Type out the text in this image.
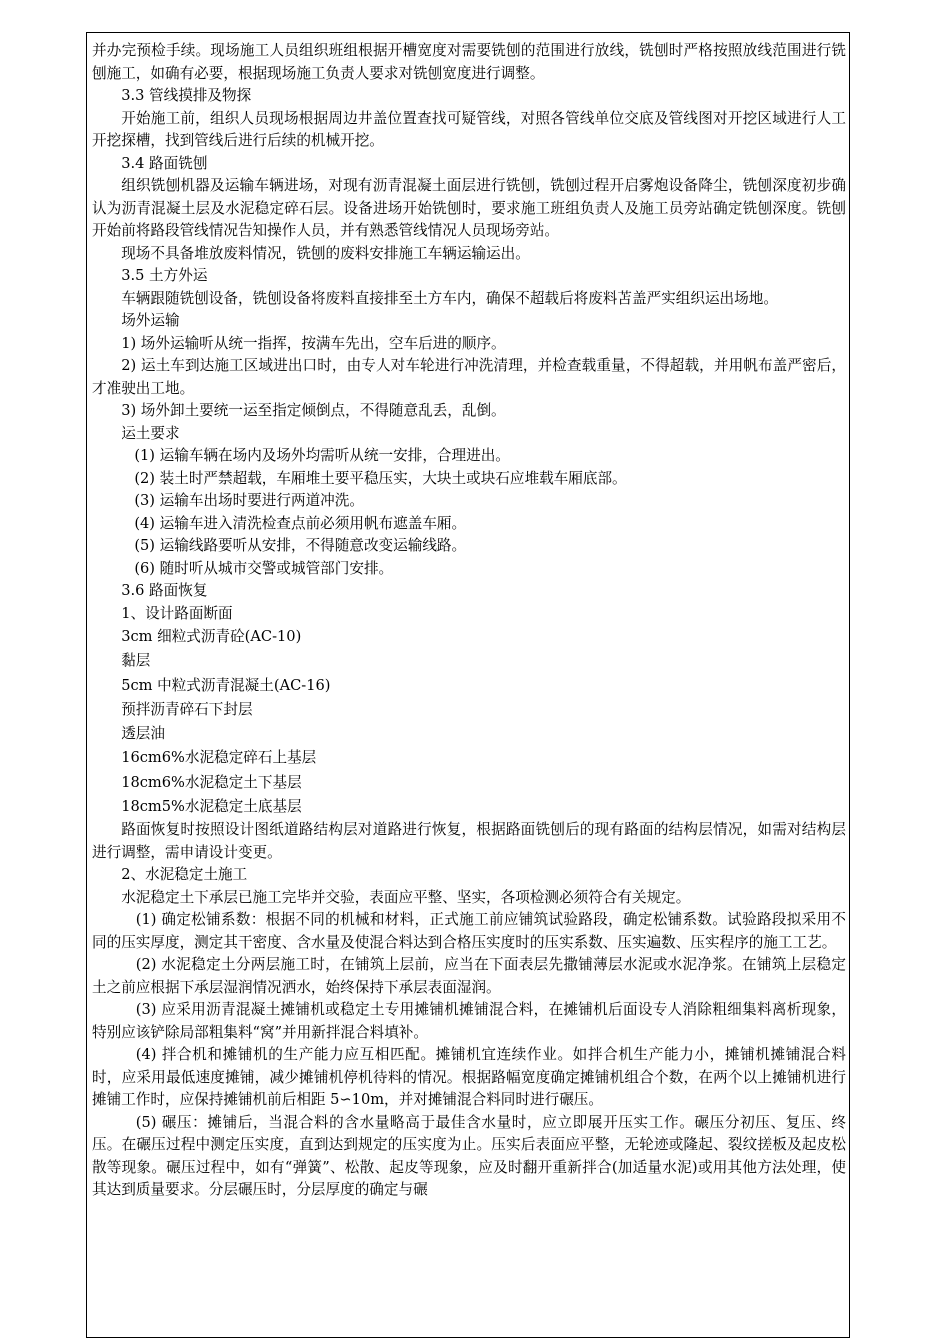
并办完预检手续。现场施工人员组织班组根据开槽宽度对需要铣刨的范围进行放线，铣刨时严格按照放线范围进行铣刨施工，如确有必要，根据现场施工负责人要求对铣刨宽度进行调整。

3.3 管线摸排及物探

开始施工前，组织人员现场根据周边井盖位置查找可疑管线，对照各管线单位交底及管线图对开挖区域进行人工开挖探槽，找到管线后进行后续的机械开挖。

3.4 路面铣刨

组织铣刨机器及运输车辆进场，对现有沥青混凝土面层进行铣刨，铣刨过程开启雾炮设备降尘，铣刨深度初步确认为沥青混凝土层及水泥稳定碎石层。设备进场开始铣刨时，要求施工班组负责人及施工员旁站确定铣刨深度。铣刨开始前将路段管线情况告知操作人员，并有熟悉管线情况人员现场旁站。

现场不具备堆放废料情况，铣刨的废料安排施工车辆运输运出。

3.5 土方外运

车辆跟随铣刨设备，铣刨设备将废料直接排至土方车内，确保不超载后将废料苫盖严实组织运出场地。

场外运输

1) 场外运输听从统一指挥，按满车先出，空车后进的顺序。

2) 运土车到达施工区域进出口时，由专人对车轮进行冲洗清理，并检查载重量，不得超载，并用帆布盖严密后，才准驶出工地。

3) 场外卸土要统一运至指定倾倒点，不得随意乱丢，乱倒。

运土要求

(1) 运输车辆在场内及场外均需听从统一安排，合理进出。

(2) 装土时严禁超载，车厢堆土要平稳压实，大块土或块石应堆载车厢底部。

(3) 运输车出场时要进行两道冲洗。

(4) 运输车进入清洗检查点前必须用帆布遮盖车厢。

(5) 运输线路要听从安排，不得随意改变运输线路。

(6) 随时听从城市交警或城管部门安排。

3.6 路面恢复

1、设计路面断面

3cm 细粒式沥青砼(AC-10)

黏层

5cm 中粒式沥青混凝土(AC-16)

预拌沥青碎石下封层

透层油

16cm6%水泥稳定碎石上基层

18cm6%水泥稳定土下基层

18cm5%水泥稳定土底基层

路面恢复时按照设计图纸道路结构层对道路进行恢复，根据路面铣刨后的现有路面的结构层情况，如需对结构层进行调整，需申请设计变更。

2、水泥稳定土施工

水泥稳定土下承层已施工完毕并交验，表面应平整、坚实，各项检测必须符合有关规定。

(1) 确定松铺系数：根据不同的机械和材料，正式施工前应铺筑试验路段，确定松铺系数。试验路段拟采用不同的压实厚度，测定其干密度、含水量及使混合料达到合格压实度时的压实系数、压实遍数、压实程序的施工工艺。

(2) 水泥稳定土分两层施工时，在铺筑上层前，应当在下面表层先撒铺薄层水泥或水泥净浆。在铺筑上层稳定土之前应根据下承层湿润情况洒水，始终保持下承层表面湿润。

(3) 应采用沥青混凝土摊铺机或稳定土专用摊铺机摊铺混合料，在摊铺机后面设专人消除粗细集料离析现象，特别应该铲除局部粗集料“窝”并用新拌混合料填补。

(4) 拌合机和摊铺机的生产能力应互相匹配。摊铺机宜连续作业。如拌合机生产能力小，摊铺机摊铺混合料时，应采用最低速度摊铺，减少摊铺机停机待料的情况。根据路幅宽度确定摊铺机组合个数，在两个以上摊铺机进行摊铺工作时，应保持摊铺机前后相距 5∽10m，并对摊铺混合料同时进行碾压。

(5) 碾压：摊铺后，当混合料的含水量略高于最佳含水量时，应立即展开压实工作。碾压分初压、复压、终压。在碾压过程中测定压实度，直到达到规定的压实度为止。压实后表面应平整，无轮迹或隆起、裂纹搓板及起皮松散等现象。碾压过程中，如有“弹簧”、松散、起皮等现象，应及时翻开重新拌合(加适量水泥)或用其他方法处理，使其达到质量要求。分层碾压时，分层厚度的确定与碾
